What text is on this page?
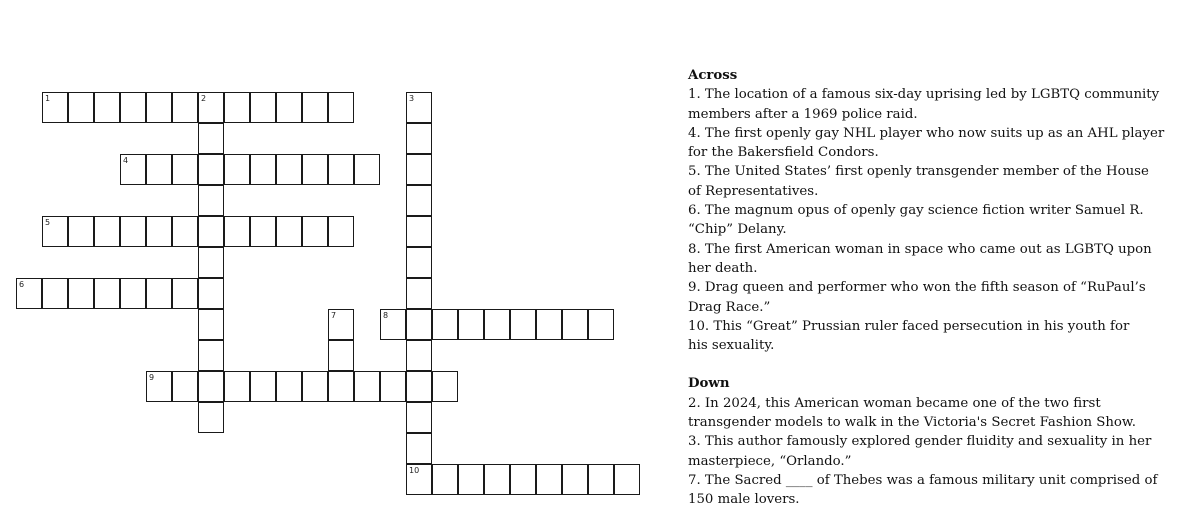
1	2	3
10
4
5
6
7	8
9
Across

1. The location of a famous six-day uprising led by LGBTQ community

members after a 1969 police raid.

4. The first openly gay NHL player who now suits up as an AHL player

for the Bakersfield Condors.

5. The United States’ first openly transgender member of the House

of Representatives.

6. The magnum opus of openly gay science fiction writer Samuel R.

“Chip” Delany.

8. The first American woman in space who came out as LGBTQ upon

her death.

9. Drag queen and performer who won the fifth season of “RuPaul’s

Drag Race.”

10. This “Great” Prussian ruler faced persecution in his youth for

his sexuality.

Down

2. In 2024, this American woman became one of the two first

transgender models to walk in the Victoria's Secret Fashion Show.

3. This author famously explored gender fluidity and sexuality in her

masterpiece, “Orlando.”

7. The Sacred ____ of Thebes was a famous military unit comprised of

150 male lovers.
